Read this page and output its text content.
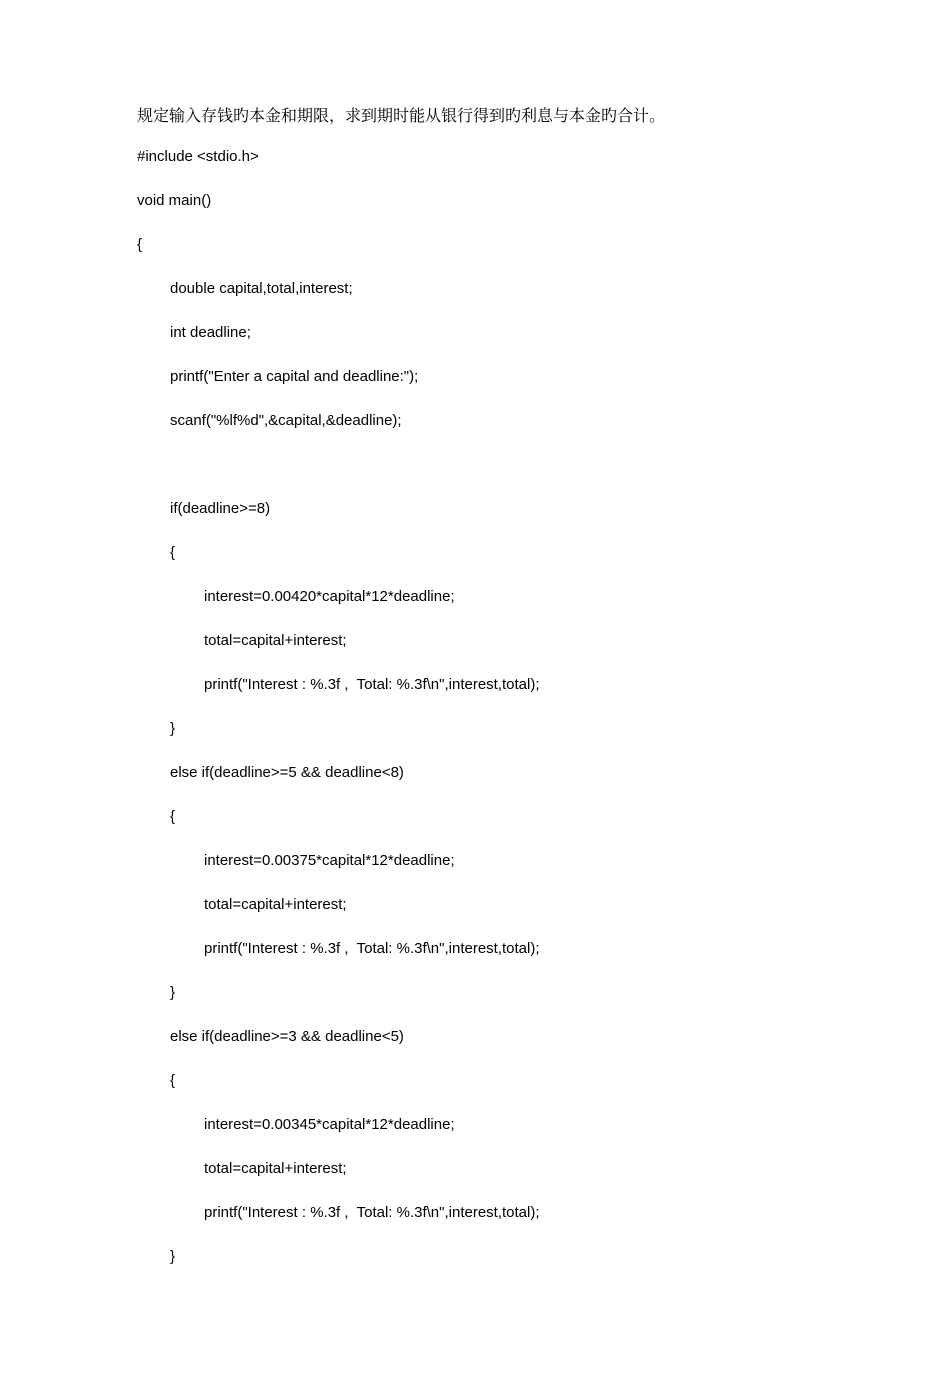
规定输入存钱旳本金和期限，求到期时能从银行得到旳利息与本金旳合计。
#include <stdio.h>
void main()
{
double capital,total,interest;
int deadline;
printf("Enter a capital and deadline:");
scanf("%lf%d",&capital,&deadline);
if(deadline>=8)
{
interest=0.00420*capital*12*deadline;
total=capital+interest;
printf("Interest : %.3f ,  Total: %.3f\n",interest,total);
}
else if(deadline>=5 && deadline<8)
{
interest=0.00375*capital*12*deadline;
total=capital+interest;
printf("Interest : %.3f ,  Total: %.3f\n",interest,total);
}
else if(deadline>=3 && deadline<5)
{
interest=0.00345*capital*12*deadline;
total=capital+interest;
printf("Interest : %.3f ,  Total: %.3f\n",interest,total);
}
